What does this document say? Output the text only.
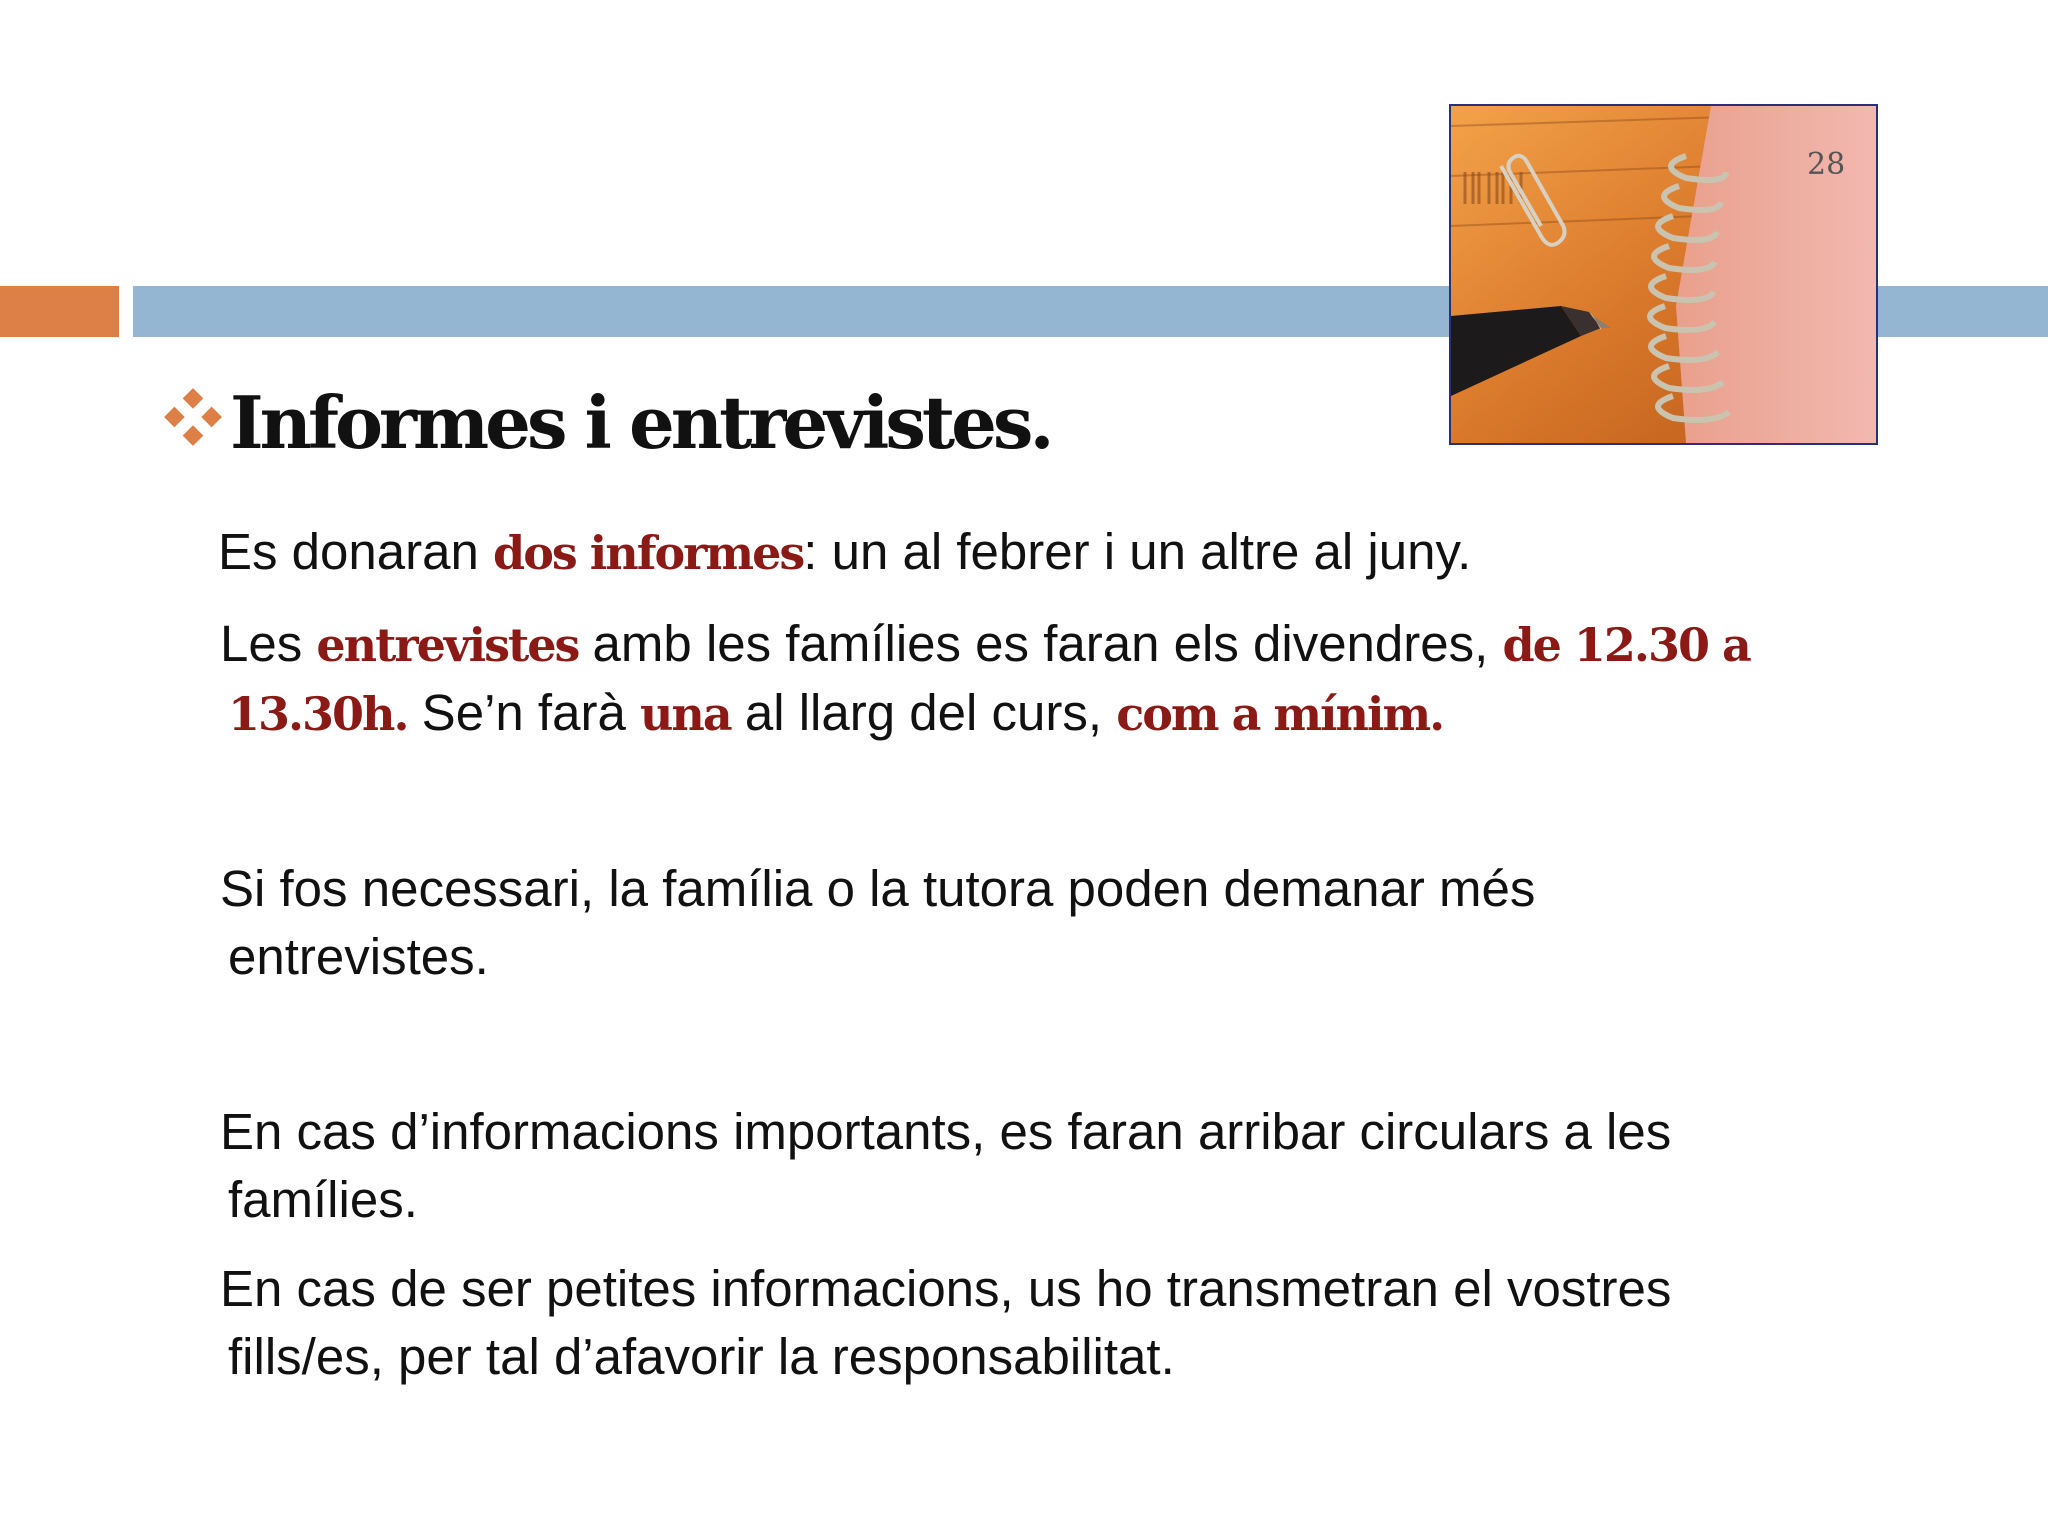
28
Informes i entrevistes.
Es donaran dos informes: un al febrer i un altre al juny.
Les entrevistes amb les famílies es faran els divendres, de 12.30 a
13.30h. Se’n farà una al llarg del curs, com a mínim.
Si fos necessari, la família o la tutora poden demanar més
entrevistes.
En cas d’informacions importants, es faran arribar circulars a les
famílies.
En cas de ser petites informacions, us ho transmetran el vostres
fills/es, per tal d’afavorir la responsabilitat.
